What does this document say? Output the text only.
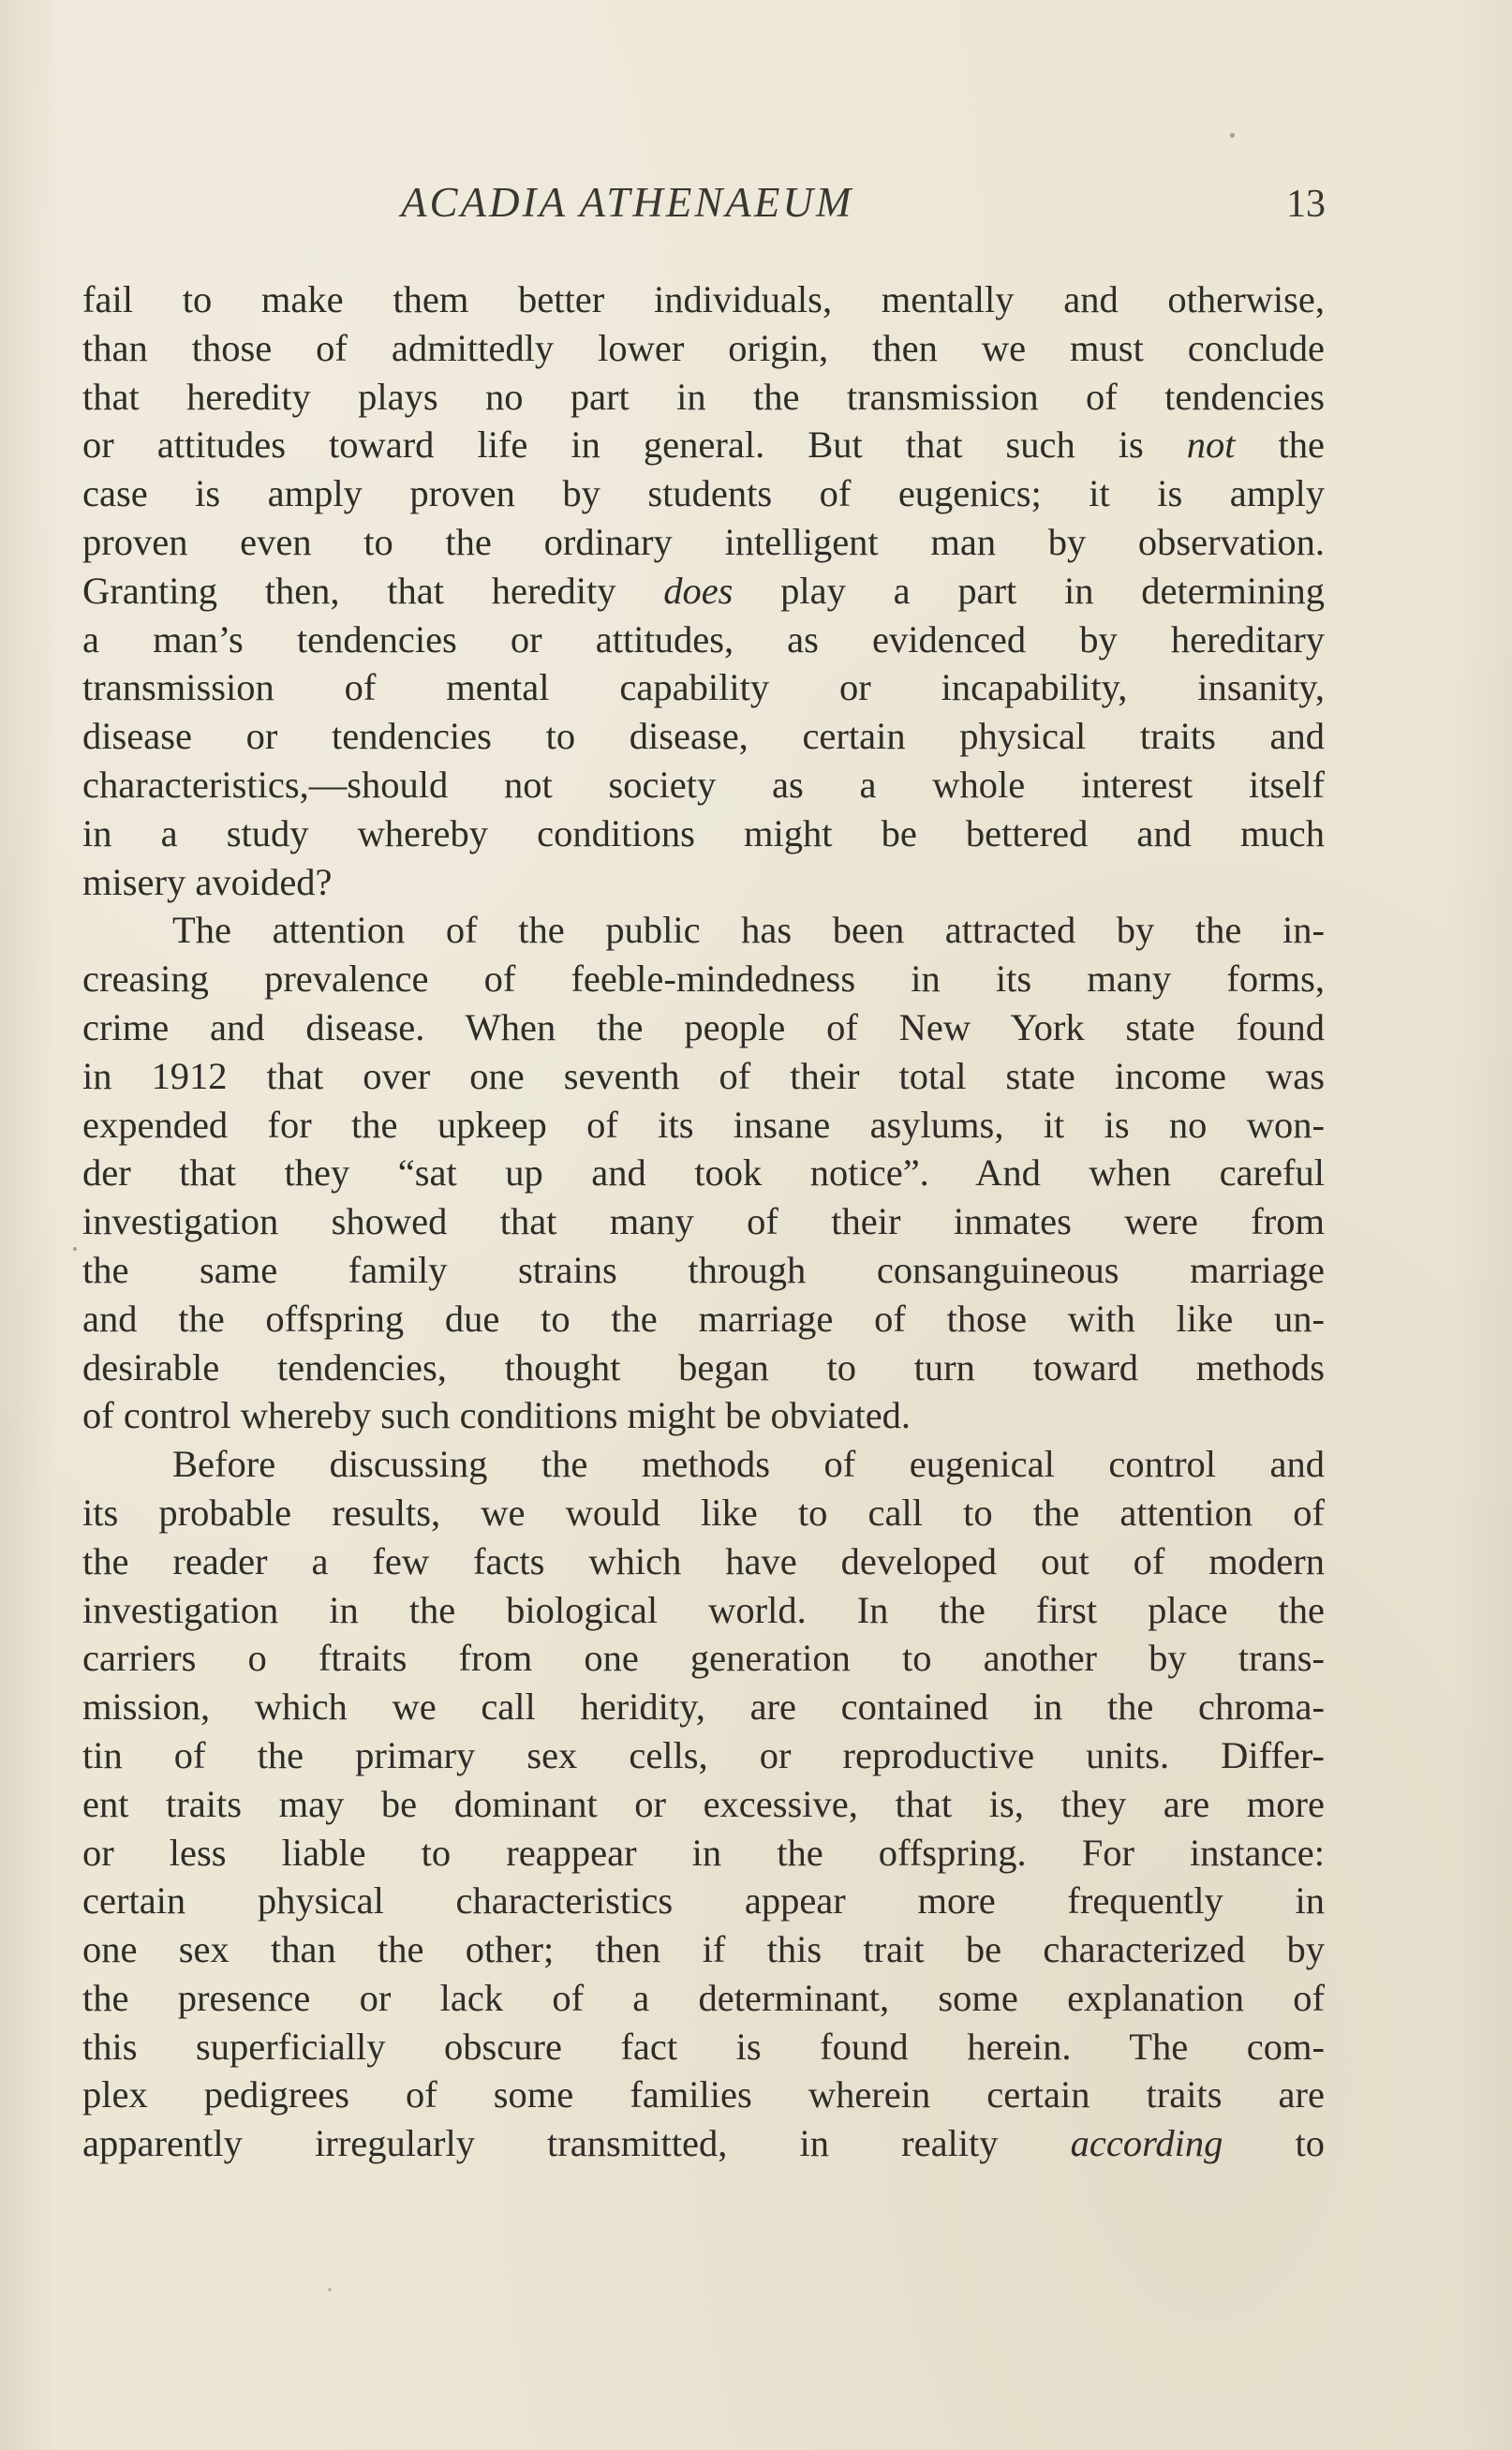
ACADIA ATHENAEUM	13
fail to make them better individuals, mentally and otherwise,
than those of admittedly lower origin, then we must conclude
that heredity plays no part in the transmission of tendencies
or attitudes toward life in general. But that such is not the
case is amply proven by students of eugenics; it is amply
proven even to the ordinary intelligent man by observation.
Granting then, that heredity does play a part in determining
a man’s tendencies or attitudes, as evidenced by hereditary
transmission of mental capability or incapability, insanity,
disease or tendencies to disease, certain physical traits and
characteristics,—should not society as a whole interest itself
in a study whereby conditions might be bettered and much
misery avoided?
The attention of the public has been attracted by the in-
creasing prevalence of feeble-mindedness in its many forms,
crime and disease. When the people of New York state found
in 1912 that over one seventh of their total state income was
expended for the upkeep of its insane asylums, it is no won-
der that they “sat up and took notice”. And when careful
investigation showed that many of their inmates were from
the same family strains through consanguineous marriage
and the offspring due to the marriage of those with like un-
desirable tendencies, thought began to turn toward methods
of control whereby such conditions might be obviated.
Before discussing the methods of eugenical control and
its probable results, we would like to call to the attention of
the reader a few facts which have developed out of modern
investigation in the biological world. In the first place the
carriers o ftraits from one generation to another by trans-
mission, which we call heridity, are contained in the chroma-
tin of the primary sex cells, or reproductive units. Differ-
ent traits may be dominant or excessive, that is, they are more
or less liable to reappear in the offspring. For instance:
certain physical characteristics appear more frequently in
one sex than the other; then if this trait be characterized by
the presence or lack of a determinant, some explanation of
this superficially obscure fact is found herein. The com-
plex pedigrees of some families wherein certain traits are
apparently irregularly transmitted, in reality according to
